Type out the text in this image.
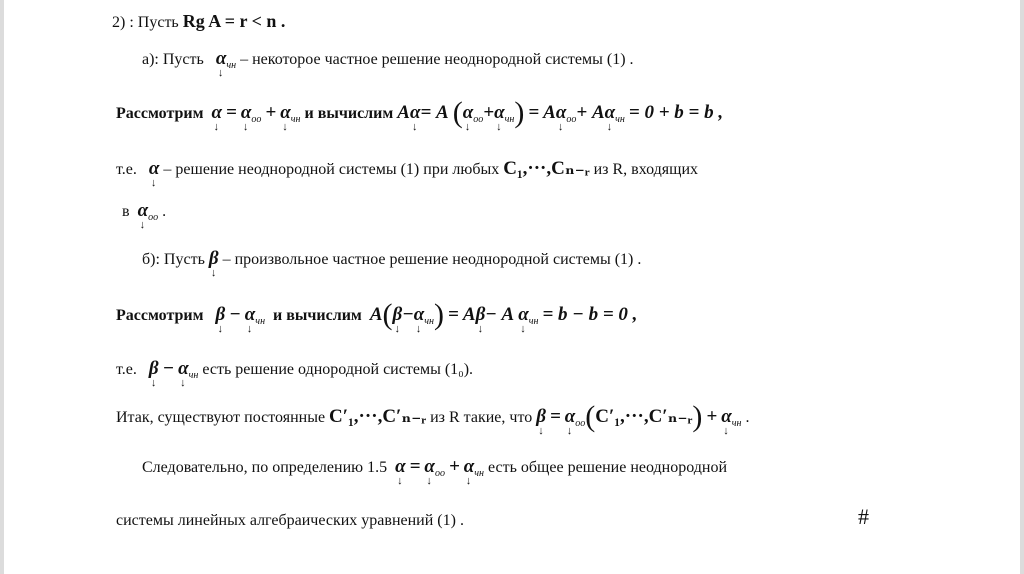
2) : Пусть Rg A = r < n .
а): Пусть α $↓_{чн}$ – некоторое частное решение неоднородной системы (1) .
Рассмотрим α ↓ = α $↓_{оо} + \alpha$ $↓_{чн}$ и вычислим Aα ↓= A (α $↓_{оо}+\alpha$ $↓_{чн}) = A\alpha$ $↓_{оо}+ A\alpha$ $↓_{чн} = 0 + b = b$ ,
т.е. α ↓ – решение неоднородной системы (1) при любых C₁,···,Cₙ₋ᵣ из R, входящих
в α $↓_{оо}$ .
б): Пусть β ↓ – произвольное частное решение неоднородной системы (1) .
Рассмотрим β ↓ − α $↓_{чн}$ и вычислим A(β ↓−α $↓_{чн}) = A\beta$ ↓− A α $↓_{чн} = b - b = 0$ ,
т.е. β ↓ − α $↓_{чн}$ есть решение однородной системы (1₀).
Итак, существуют постоянные C′₁,···,C′ₙ₋ᵣ из R такие, что β ↓ = α $↓_{оо}(C'_1,\cdot\cdot\cdot,C'_{n-}ᵣ) + \alpha$ $↓_{чн}$ .
Следовательно, по определению 1.5 α ↓ = α $↓_{оо} + \alpha$ $↓_{чн}$ есть общее решение неоднородной
системы линейных алгебраических уравнений (1) .	#
